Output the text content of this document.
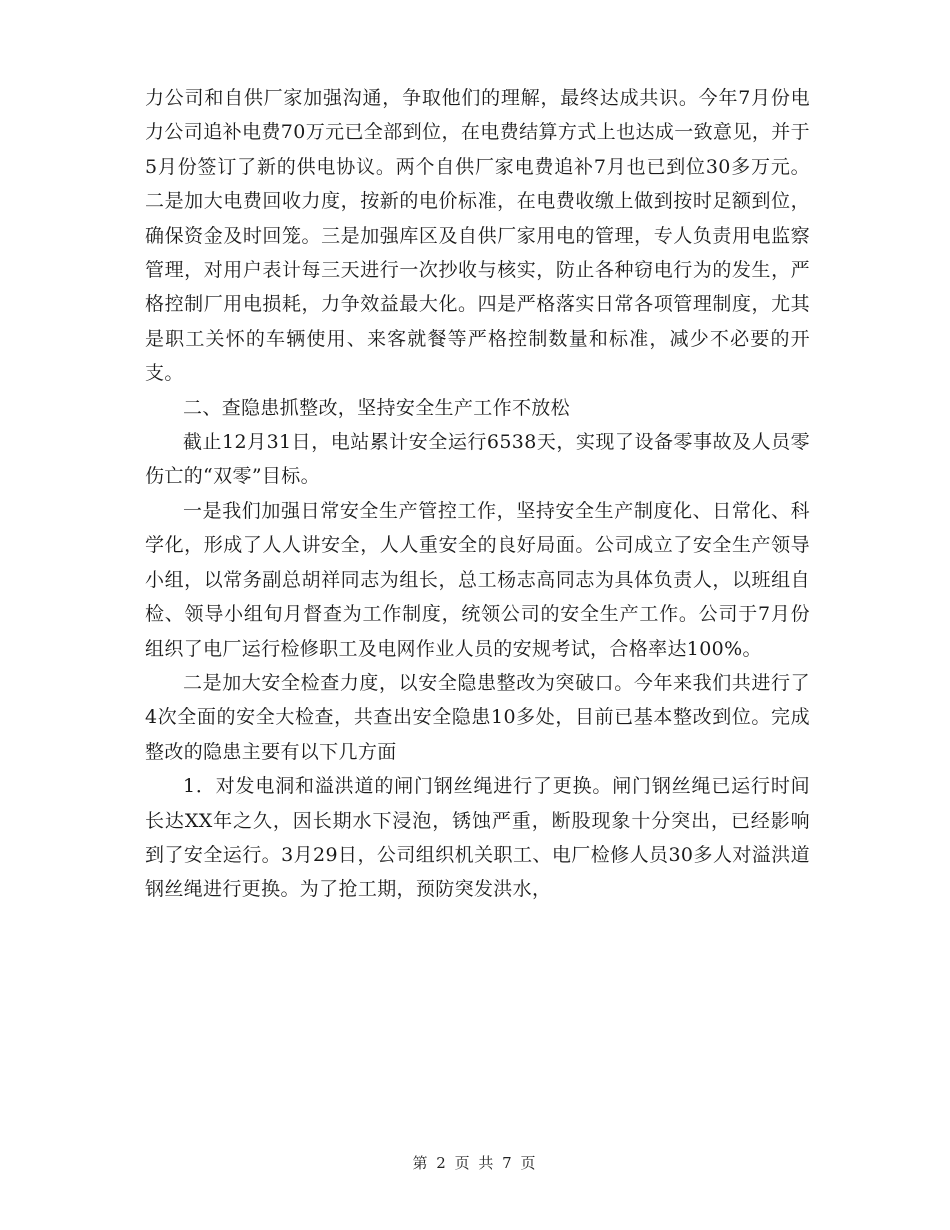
力公司和自供厂家加强沟通，争取他们的理解，最终达成共识。今年7月份电力公司追补电费70万元已全部到位，在电费结算方式上也达成一致意见，并于 5月份签订了新的供电协议。两个自供厂家电费追补7月也已到位30多万元。二是加大电费回收力度，按新的电价标准，在电费收缴上做到按时足额到位，确保资金及时回笼。三是加强库区及自供厂家用电的管理，专人负责用电监察管理，对用户表计每三天进行一次抄收与核实，防止各种窃电行为的发生，严格控制厂用电损耗，力争效益最大化。四是严格落实日常各项管理制度，尤其是职工关怀的车辆使用、来客就餐等严格控制数量和标准，减少不必要的开支。

二、查隐患抓整改，坚持安全生产工作不放松

截止12月31日，电站累计安全运行6538天，实现了设备零事故及人员零伤亡的“双零”目标。

一是我们加强日常安全生产管控工作，坚持安全生产制度化、日常化、科学化，形成了人人讲安全，人人重安全的良好局面。公司成立了安全生产领导小组，以常务副总胡祥同志为组长，总工杨志高同志为具体负责人，以班组自检、领导小组旬月督查为工作制度，统领公司的安全生产工作。公司于7月份组织了电厂运行检修职工及电网作业人员的安规考试，合格率达100%。

二是加大安全检查力度，以安全隐患整改为突破口。今年来我们共进行了4次全面的安全大检查，共查出安全隐患10多处，目前已基本整改到位。完成整改的隐患主要有以下几方面

1．对发电洞和溢洪道的闸门钢丝绳进行了更换。闸门钢丝绳已运行时间长达XX年之久，因长期水下浸泡，锈蚀严重，断股现象十分突出，已经影响到了安全运行。3月29日，公司组织机关职工、电厂检修人员30多人对溢洪道钢丝绳进行更换。为了抢工期，预防突发洪水，

第 2 页 共 7 页
